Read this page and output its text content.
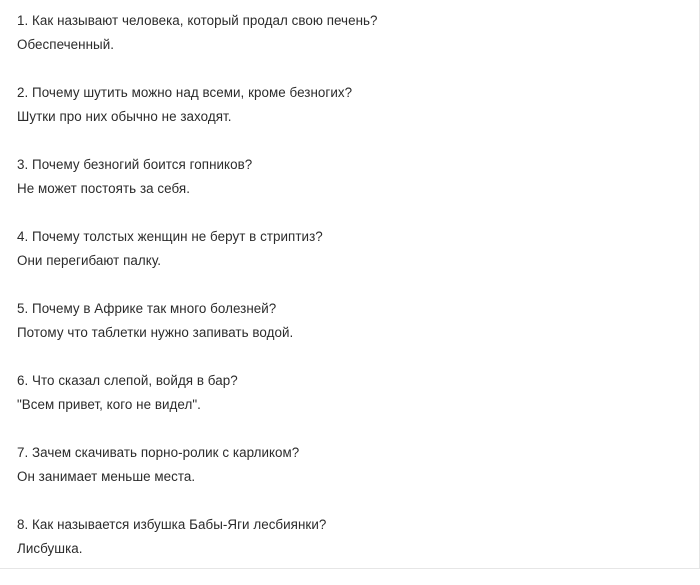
1. Как называют человека, который продал свою печень?
Обеспеченный.
2. Почему шутить можно над всеми, кроме безногих?
Шутки про них обычно не заходят.
3. Почему безногий боится гопников?
Не может постоять за себя.
4. Почему толстых женщин не берут в стриптиз?
Они перегибают палку.
5. Почему в Африке так много болезней?
Потому что таблетки нужно запивать водой.
6. Что сказал слепой, войдя в бар?
"Всем привет, кого не видел".
7. Зачем скачивать порно-ролик с карликом?
Он занимает меньше места.
8. Как называется избушка Бабы-Яги лесбиянки?
Лисбушка.
